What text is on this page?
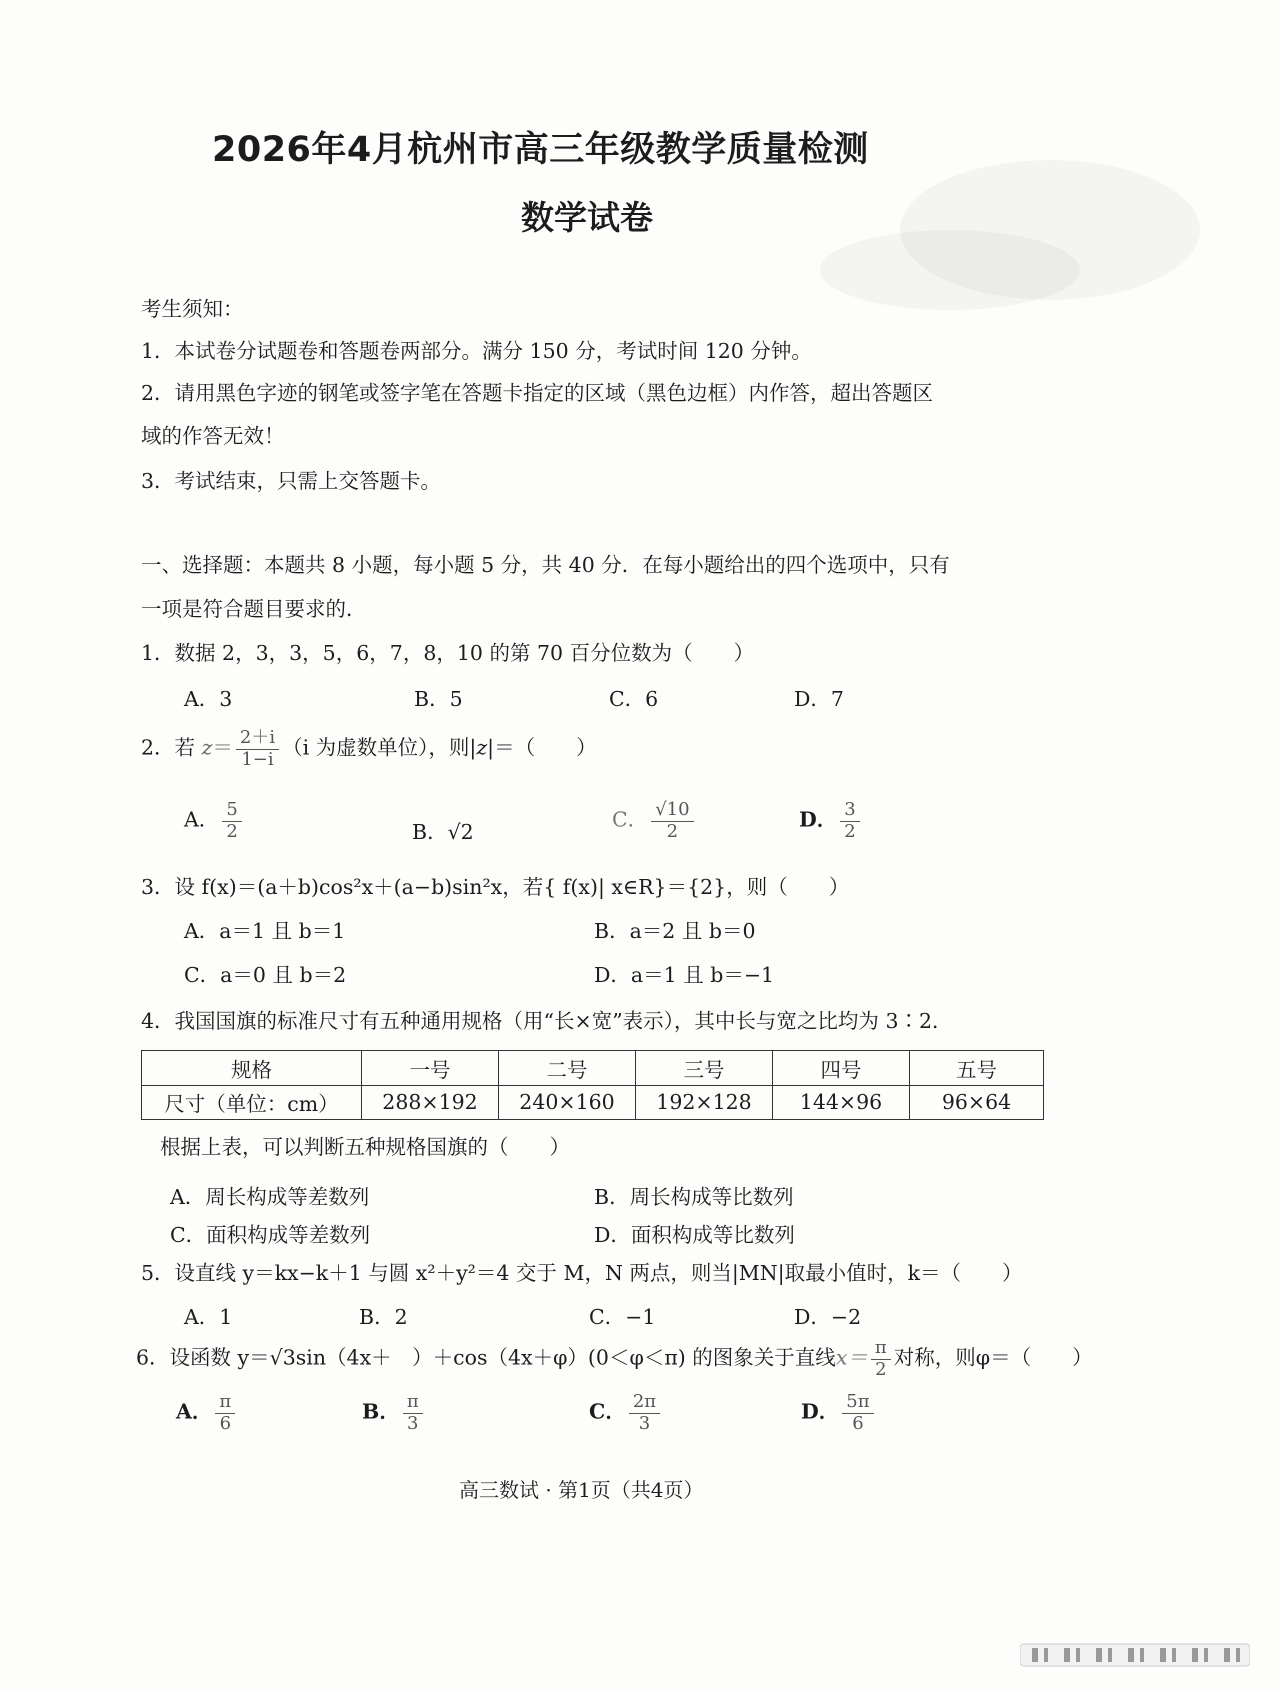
2026年4月杭州市高三年级教学质量检测
数学试卷
考生须知：
1．本试卷分试题卷和答题卷两部分。满分 150 分，考试时间 120 分钟。
2．请用黑色字迹的钢笔或签字笔在答题卡指定的区域（黑色边框）内作答，超出答题区
域的作答无效！
3．考试结束，只需上交答题卡。
一、选择题：本题共 8 小题，每小题 5 分，共 40 分．在每小题给出的四个选项中，只有
一项是符合题目要求的．
1．数据 2，3，3，5，6，7，8，10 的第 70 百分位数为（　　）
A．3	B．5	C．6	D．7
2．若 $z= \frac{2+i}{1-i} (i$ 为虚数单位），则|z|＝（　　）
A． $\frac{5}{2}$	B．√2
C． $\frac{√10}{2}$	D． $\frac{3}{2}$
3．设 f(x)＝(a＋b)cos²x＋(a−b)sin²x，若{ f(x)| x∈R}＝{2}，则（　　）
A．a＝1 且 b＝1	B．a＝2 且 b＝0
C．a＝0 且 b＝2	D．a＝1 且 b＝−1
4．我国国旗的标准尺寸有五种通用规格（用“长×宽”表示），其中长与宽之比均为 3∶2．
规格	一号	二号	三号	四号	五号
尺寸（单位：cm）	288×192	240×160	192×128	144×96	96×64
根据上表，可以判断五种规格国旗的（　　）
A．周长构成等差数列	B．周长构成等比数列
C．面积构成等差数列	D．面积构成等比数列
5．设直线 y＝kx−k＋1 与圆 x²＋y²＝4 交于 M，N 两点，则当|MN|取最小值时，k＝（　　）
A．1	B．2	C．−1	D．−2
6．设函数 y＝√3sin（4x＋　）＋cos（4x＋φ）(0＜φ＜π) 的图象关于直线$x= \frac{\pi}{2}$ 对称，则φ＝（　　）
A． $\frac{\pi}{6}$	B． $\frac{\pi}{3}$	C． $\frac{2\pi}{3}$	D． $\frac{5\pi}{6}$
高三数试 · 第1页（共4页）
